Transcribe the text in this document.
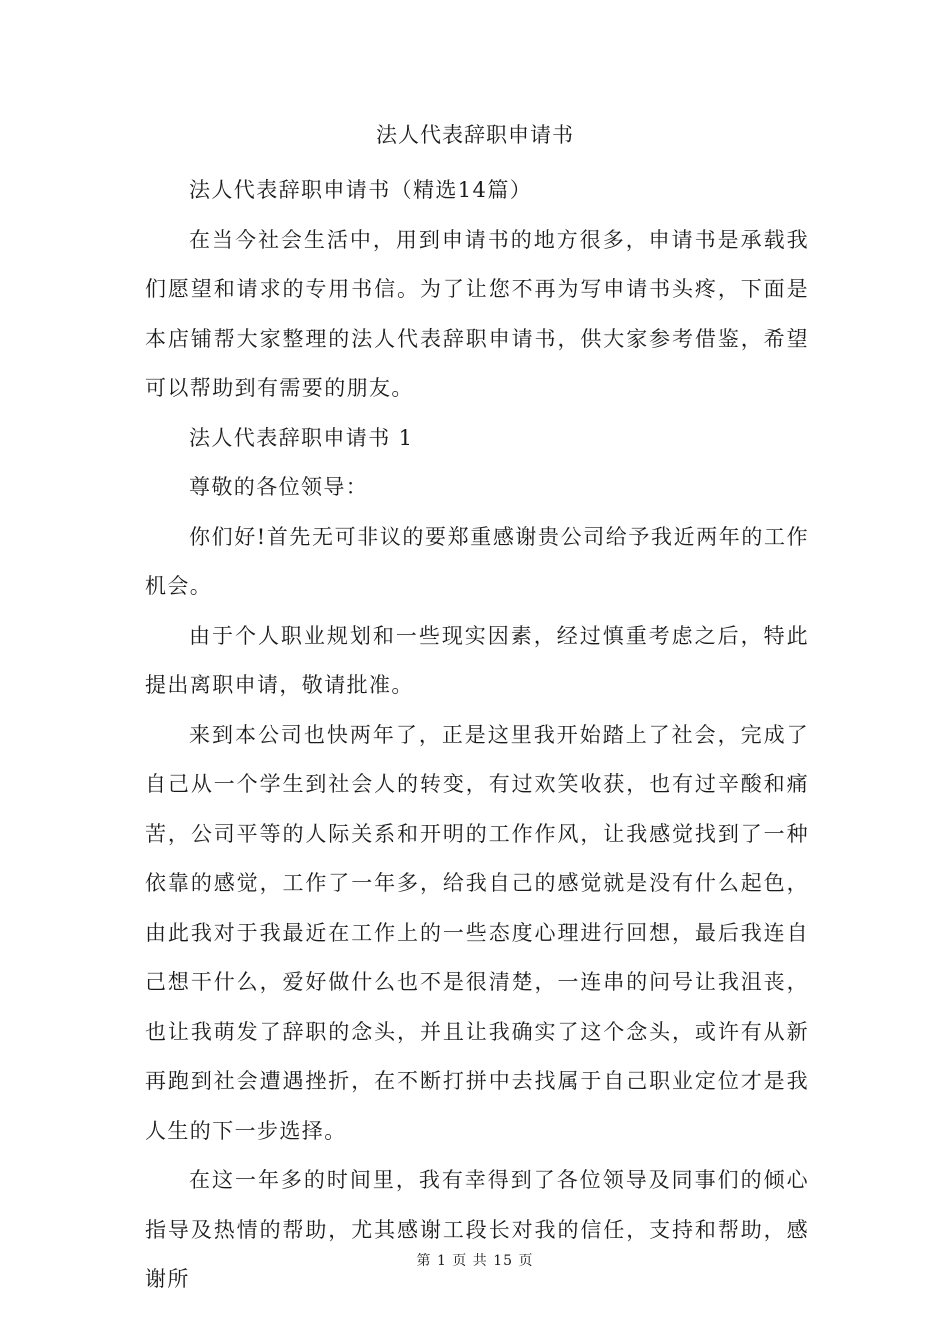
法人代表辞职申请书

法人代表辞职申请书（精选14篇）

在当今社会生活中，用到申请书的地方很多，申请书是承载我们愿望和请求的专用书信。为了让您不再为写申请书头疼，下面是本店铺帮大家整理的法人代表辞职申请书，供大家参考借鉴，希望可以帮助到有需要的朋友。

法人代表辞职申请书 1

尊敬的各位领导：

你们好!首先无可非议的要郑重感谢贵公司给予我近两年的工作机会。

由于个人职业规划和一些现实因素，经过慎重考虑之后，特此提出离职申请，敬请批准。

来到本公司也快两年了，正是这里我开始踏上了社会，完成了自己从一个学生到社会人的转变，有过欢笑收获，也有过辛酸和痛苦，公司平等的人际关系和开明的工作作风，让我感觉找到了一种依靠的感觉，工作了一年多，给我自己的感觉就是没有什么起色，由此我对于我最近在工作上的一些态度心理进行回想，最后我连自己想干什么，爱好做什么也不是很清楚，一连串的问号让我沮丧，也让我萌发了辞职的念头，并且让我确实了这个念头，或许有从新再跑到社会遭遇挫折，在不断打拼中去找属于自己职业定位才是我人生的下一步选择。

在这一年多的时间里，我有幸得到了各位领导及同事们的倾心指导及热情的帮助，尤其感谢工段长对我的信任，支持和帮助，感谢所

第 1 页 共 15 页
